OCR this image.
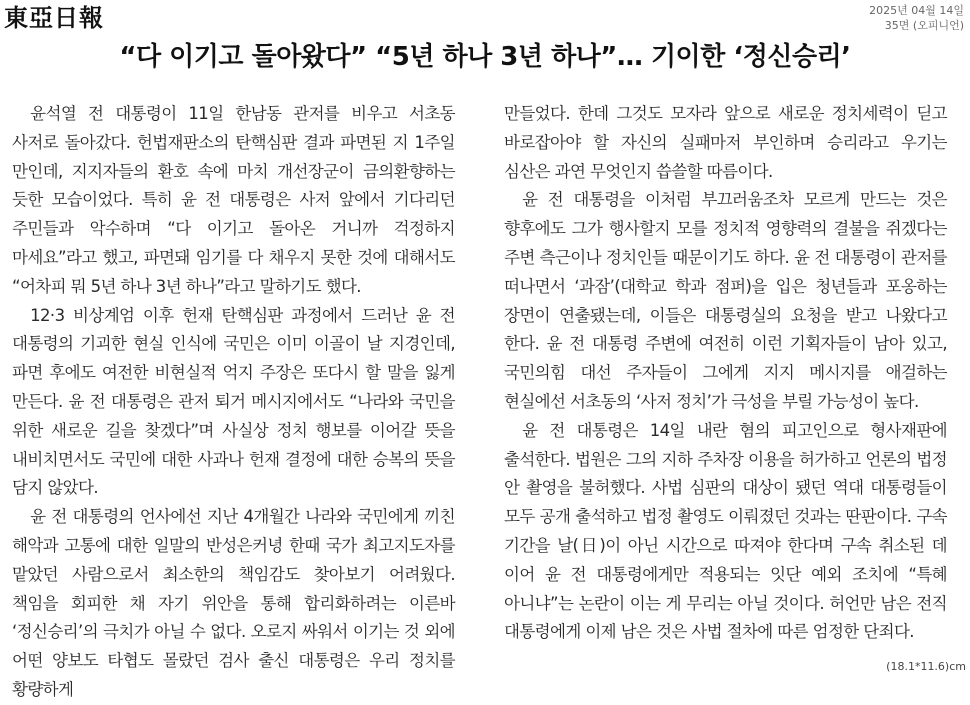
東亞日報	2025년 04월 14일
35면 (오피니언)
“다 이기고 돌아왔다” “5년 하나 3년 하나”… 기이한 ‘정신승리’

윤석열 전 대통령이 11일 한남동 관저를 비우고 서초동 사저로 돌아갔다. 헌법재판소의 탄핵심판 결과 파면된 지 1주일 만인데, 지지자들의 환호 속에 마치 개선장군이 금의환향하는 듯한 모습이었다. 특히 윤 전 대통령은 사저 앞에서 기다리던 주민들과 악수하며 “다 이기고 돌아온 거니까 걱정하지 마세요”라고 했고, 파면돼 임기를 다 채우지 못한 것에 대해서도 “어차피 뭐 5년 하나 3년 하나”라고 말하기도 했다.

12·3 비상계엄 이후 헌재 탄핵심판 과정에서 드러난 윤 전 대통령의 기괴한 현실 인식에 국민은 이미 이골이 날 지경인데, 파면 후에도 여전한 비현실적 억지 주장은 또다시 할 말을 잃게 만든다. 윤 전 대통령은 관저 퇴거 메시지에서도 “나라와 국민을 위한 새로운 길을 찾겠다”며 사실상 정치 행보를 이어갈 뜻을 내비치면서도 국민에 대한 사과나 헌재 결정에 대한 승복의 뜻을 담지 않았다.

윤 전 대통령의 언사에선 지난 4개월간 나라와 국민에게 끼친 해악과 고통에 대한 일말의 반성은커녕 한때 국가 최고지도자를 맡았던 사람으로서 최소한의 책임감도 찾아보기 어려웠다. 책임을 회피한 채 자기 위안을 통해 합리화하려는 이른바 ‘정신승리’의 극치가 아닐 수 없다. 오로지 싸워서 이기는 것 외에 어떤 양보도 타협도 몰랐던 검사 출신 대통령은 우리 정치를 황량하게

만들었다. 한데 그것도 모자라 앞으로 새로운 정치세력이 딛고 바로잡아야 할 자신의 실패마저 부인하며 승리라고 우기는 심산은 과연 무엇인지 씁쓸할 따름이다.

윤 전 대통령을 이처럼 부끄러움조차 모르게 만드는 것은 향후에도 그가 행사할지 모를 정치적 영향력의 결불을 쥐겠다는 주변 측근이나 정치인들 때문이기도 하다. 윤 전 대통령이 관저를 떠나면서 ‘과잠’(대학교 학과 점퍼)을 입은 청년들과 포옹하는 장면이 연출됐는데, 이들은 대통령실의 요청을 받고 나왔다고 한다. 윤 전 대통령 주변에 여전히 이런 기획자들이 남아 있고, 국민의힘 대선 주자들이 그에게 지지 메시지를 애걸하는 현실에선 서초동의 ‘사저 정치’가 극성을 부릴 가능성이 높다.

윤 전 대통령은 14일 내란 혐의 피고인으로 형사재판에 출석한다. 법원은 그의 지하 주차장 이용을 허가하고 언론의 법정 안 촬영을 불허했다. 사법 심판의 대상이 됐던 역대 대통령들이 모두 공개 출석하고 법정 촬영도 이뤄졌던 것과는 딴판이다. 구속 기간을 날(日)이 아닌 시간으로 따져야 한다며 구속 취소된 데 이어 윤 전 대통령에게만 적용되는 잇단 예외 조치에 “특혜 아니냐”는 논란이 이는 게 무리는 아닐 것이다. 허언만 남은 전직 대통령에게 이제 남은 것은 사법 절차에 따른 엄정한 단죄다.

(18.1*11.6)cm
